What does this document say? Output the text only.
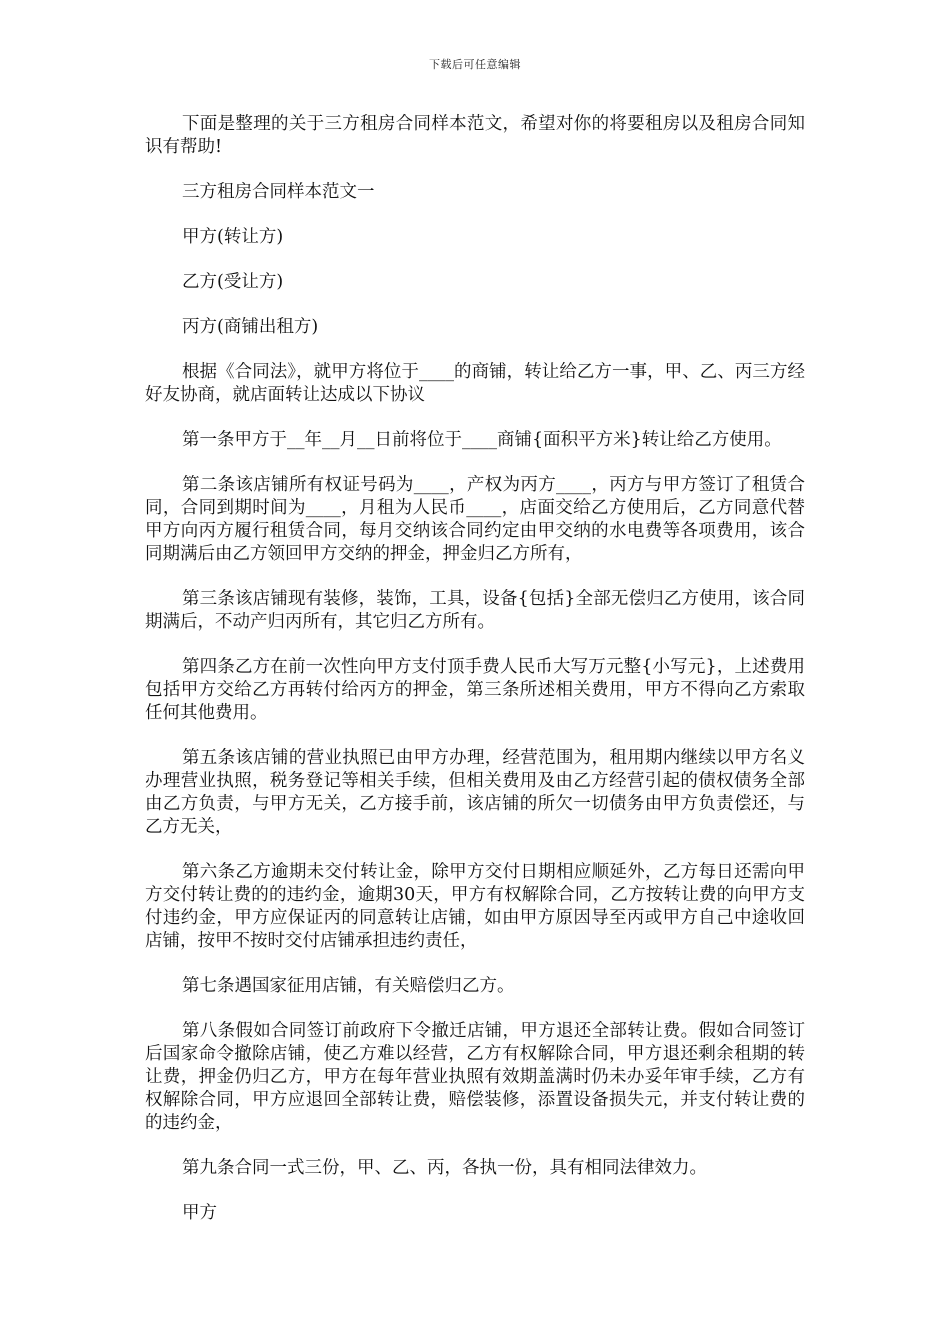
下载后可任意编辑

下面是整理的关于三方租房合同样本范文，希望对你的将要租房以及租房合同知识有帮助!

三方租房合同样本范文一

甲方(转让方)

乙方(受让方)

丙方(商铺出租方)

根据《合同法》，就甲方将位于____的商铺，转让给乙方一事，甲、乙、丙三方经好友协商，就店面转让达成以下协议

第一条甲方于__年__月__日前将位于____商铺{面积平方米}转让给乙方使用。

第二条该店铺所有权证号码为____，产权为丙方____，丙方与甲方签订了租赁合同，合同到期时间为____，月租为人民币____，店面交给乙方使用后，乙方同意代替甲方向丙方履行租赁合同，每月交纳该合同约定由甲交纳的水电费等各项费用，该合同期满后由乙方领回甲方交纳的押金，押金归乙方所有，

第三条该店铺现有装修，装饰，工具，设备{包括}全部无偿归乙方使用，该合同期满后，不动产归丙所有，其它归乙方所有。

第四条乙方在前一次性向甲方支付顶手费人民币大写万元整{小写元}，上述费用包括甲方交给乙方再转付给丙方的押金，第三条所述相关费用，甲方不得向乙方索取任何其他费用。

第五条该店铺的营业执照已由甲方办理，经营范围为，租用期内继续以甲方名义办理营业执照，税务登记等相关手续，但相关费用及由乙方经营引起的债权债务全部由乙方负责，与甲方无关，乙方接手前，该店铺的所欠一切债务由甲方负责偿还，与乙方无关，

第六条乙方逾期未交付转让金，除甲方交付日期相应顺延外，乙方每日还需向甲方交付转让费的的违约金，逾期30天，甲方有权解除合同，乙方按转让费的向甲方支付违约金，甲方应保证丙的同意转让店铺，如由甲方原因导至丙或甲方自己中途收回店铺，按甲不按时交付店铺承担违约责任，

第七条遇国家征用店铺，有关赔偿归乙方。

第八条假如合同签订前政府下令撤迁店铺，甲方退还全部转让费。假如合同签订后国家命令撤除店铺，使乙方难以经营，乙方有权解除合同，甲方退还剩余租期的转让费，押金仍归乙方，甲方在每年营业执照有效期盖满时仍未办妥年审手续，乙方有权解除合同，甲方应退回全部转让费，赔偿装修，添置设备损失元，并支付转让费的的违约金，

第九条合同一式三份，甲、乙、丙，各执一份，具有相同法律效力。

甲方
